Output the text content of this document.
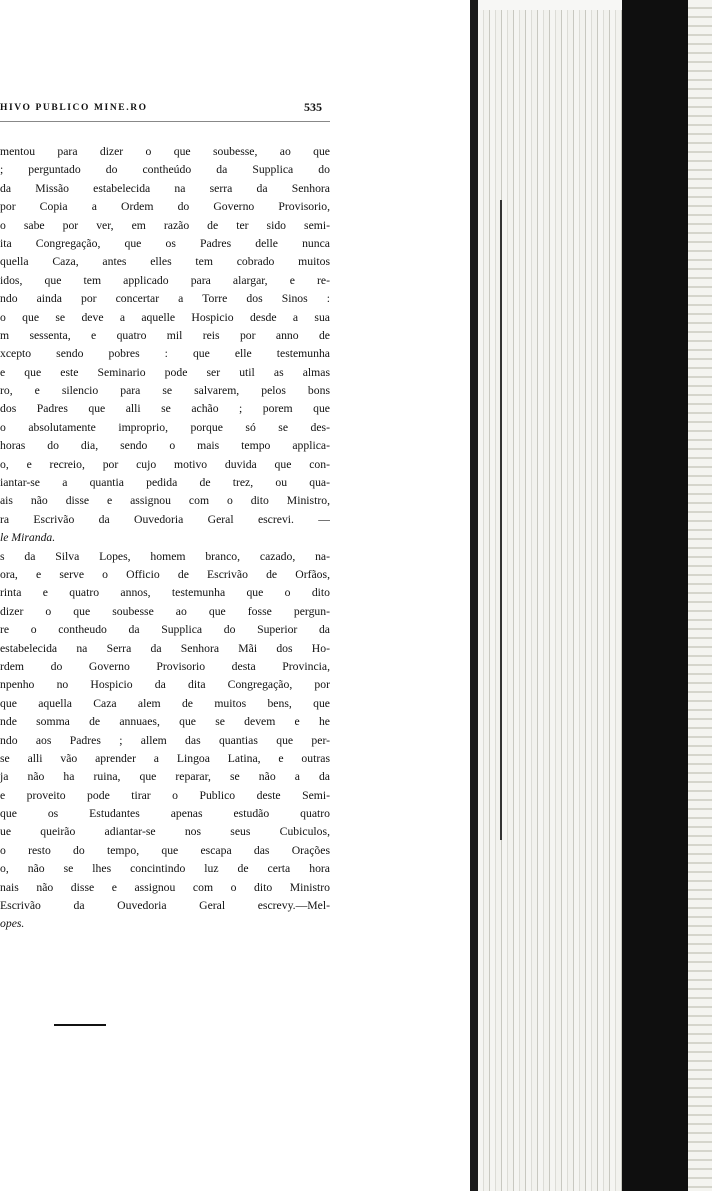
HIVO PUBLICO MINE.RO	535
mentou para dizer o que soubesse, ao que
; perguntado do contheúdo da Supplica do
da Missão estabelecida na serra da Senhora
por Copia a Ordem do Governo Provisorio,
o sabe por ver, em razão de ter sido semi-
ita Congregação, que os Padres delle nunca
quella Caza, antes elles tem cobrado muitos
idos, que tem applicado para alargar, e re-
ndo ainda por concertar a Torre dos Sinos :
o que se deve a aquelle Hospicio desde a sua
m sessenta, e quatro mil reis por anno de
xcepto sendo pobres : que elle testemunha
e que este Seminario pode ser util as almas
ro, e silencio para se salvarem, pelos bons
dos Padres que alli se achão ; porem que
o absolutamente improprio, porque só se des-
horas do dia, sendo o mais tempo applica-
o, e recreio, por cujo motivo duvida que con-
iantar-se a quantia pedida de trez, ou qua-
ais não disse e assignou com o dito Ministro,
ra Escrivão da Ouvedoria Geral escrevi. —
le Miranda.
s da Silva Lopes, homem branco, cazado, na-
ora, e serve o Officio de Escrivão de Orfãos,
rinta e quatro annos, testemunha que o dito
dizer o que soubesse ao que fosse pergun-
re o contheudo da Supplica do Superior da
estabelecida na Serra da Senhora Mãi dos Ho-
rdem do Governo Provisorio desta Provincia,
npenho no Hospicio da dita Congregação, por
que aquella Caza alem de muitos bens, que
nde somma de annuaes, que se devem e he
ndo aos Padres ; allem das quantias que per-
se alli vão aprender a Lingoa Latina, e outras
ja não ha ruina, que reparar, se não a da
e proveito pode tirar o Publico deste Semi-
que os Estudantes apenas estudão quatro
ue queirão adiantar-se nos seus Cubiculos,
o resto do tempo, que escapa das Orações
o, não se lhes concintindo luz de certa hora
nais não disse e assignou com o dito Ministro
Escrivão da Ouvedoria Geral escrevy.—Mel-
opes.
